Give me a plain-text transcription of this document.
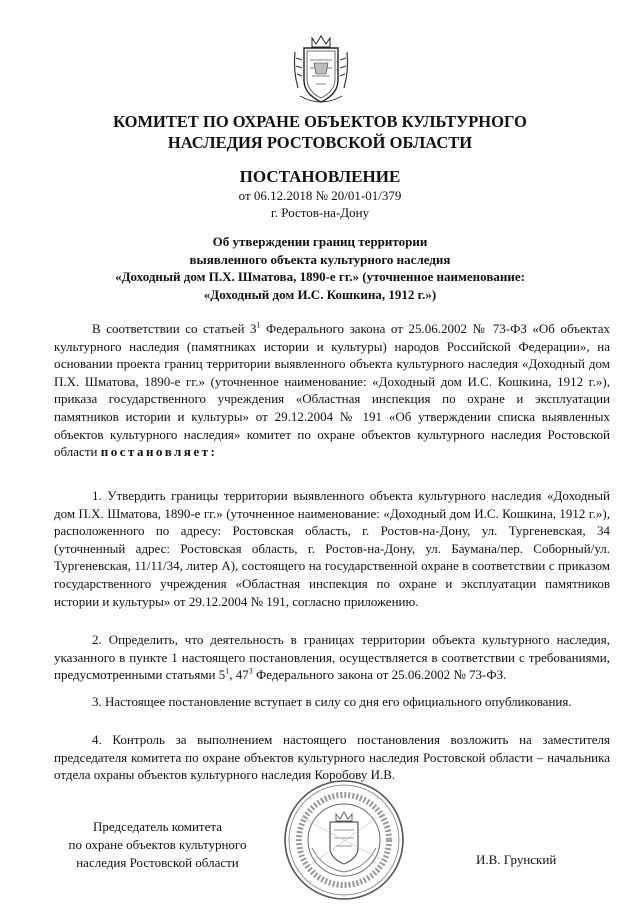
КОМИТЕТ ПО ОХРАНЕ ОБЪЕКТОВ КУЛЬТУРНОГО
НАСЛЕДИЯ РОСТОВСКОЙ ОБЛАСТИ
ПОСТАНОВЛЕНИЕ
от 06.12.2018 № 20/01-01/379
г. Ростов-на-Дону
Об утверждении границ территории
выявленного объекта культурного наследия
«Доходный дом П.Х. Шматова, 1890-е гг.» (уточненное наименование:
«Доходный дом И.С. Кошкина, 1912 г.»)

В соответствии со статьей $3^1$ Федерального закона от 25.06.2002 № 73-ФЗ «Об объектах культурного наследия (памятниках истории и культуры) народов Российской Федерации», на основании проекта границ территории выявленного объекта культурного наследия «Доходный дом П.Х. Шматова, 1890-е гг.» (уточненное наименование: «Доходный дом И.С. Кошкина, 1912 г.»), приказа государственного учреждения «Областная инспекция по охране и эксплуатации памятников истории и культуры» от 29.12.2004 № 191 «Об утверждении списка выявленных объектов культурного наследия» комитет по охране объектов культурного наследия Ростовской области постановляет:

1. Утвердить границы территории выявленного объекта культурного наследия «Доходный дом П.Х. Шматова, 1890-е гг.» (уточненное наименование: «Доходный дом И.С. Кошкина, 1912 г.»), расположенного по адресу: Ростовская область, г. Ростов-на-Дону, ул. Тургеневская, 34 (уточненный адрес: Ростовская область, г. Ростов-на-Дону, ул. Баумана/пер. Соборный/ул. Тургеневская, 11/11/34, литер А), состоящего на государственной охране в соответствии с приказом государственного учреждения «Областная инспекция по охране и эксплуатации памятников истории и культуры» от 29.12.2004 № 191, согласно приложению.

2. Определить, что деятельность в границах территории объекта культурного наследия, указанного в пункте 1 настоящего постановления, осуществляется в соответствии с требованиями, предусмотренными статьями $5^1$, $47^3$ Федерального закона от 25.06.2002 № 73-ФЗ.

3. Настоящее постановление вступает в силу со дня его официального опубликования.

4. Контроль за выполнением настоящего постановления возложить на заместителя председателя комитета по охране объектов культурного наследия Ростовской области – начальника отдела охраны объектов культурного наследия Коробову И.В.

Председатель комитета
по охране объектов культурного
наследия Ростовской области	И.В. Грунский
